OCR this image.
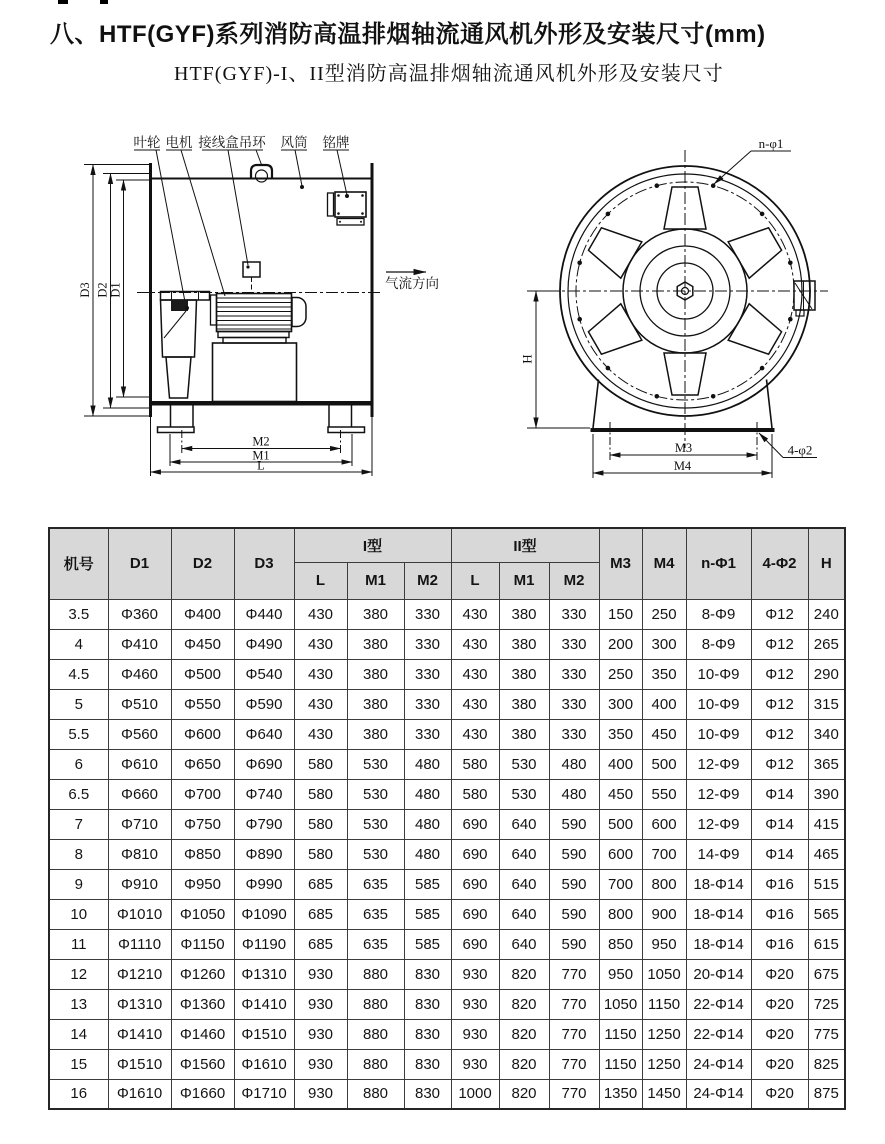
八、HTF(GYF)系列消防高温排烟轴流通风机外形及安装尺寸(mm)
HTF(GYF)-I、II型消防高温排烟轴流通风机外形及安装尺寸
叶轮 电机 接线盒吊环 风筒 铭牌
气流方向
M2
M1
L
D3 D2 D1
H
M3
M4
n-φ1
4-φ2
机号	D1	D2	D3	I型			II型			M3	M4	n-Φ1	4-Φ2	H
				L	M1	M2	L	M1	M2					
3.5	Φ360	Φ400	Φ440	430	380	330	430	380	330	150	250	8-Φ9	Φ12	240
4	Φ410	Φ450	Φ490	430	380	330	430	380	330	200	300	8-Φ9	Φ12	265
4.5	Φ460	Φ500	Φ540	430	380	330	430	380	330	250	350	10-Φ9	Φ12	290
5	Φ510	Φ550	Φ590	430	380	330	430	380	330	300	400	10-Φ9	Φ12	315
5.5	Φ560	Φ600	Φ640	430	380	330	430	380	330	350	450	10-Φ9	Φ12	340
6	Φ610	Φ650	Φ690	580	530	480	580	530	480	400	500	12-Φ9	Φ12	365
6.5	Φ660	Φ700	Φ740	580	530	480	580	530	480	450	550	12-Φ9	Φ14	390
7	Φ710	Φ750	Φ790	580	530	480	690	640	590	500	600	12-Φ9	Φ14	415
8	Φ810	Φ850	Φ890	580	530	480	690	640	590	600	700	14-Φ9	Φ14	465
9	Φ910	Φ950	Φ990	685	635	585	690	640	590	700	800	18-Φ14	Φ16	515
10	Φ1010	Φ1050	Φ1090	685	635	585	690	640	590	800	900	18-Φ14	Φ16	565
11	Φ1110	Φ1150	Φ1190	685	635	585	690	640	590	850	950	18-Φ14	Φ16	615
12	Φ1210	Φ1260	Φ1310	930	880	830	930	820	770	950	1050	20-Φ14	Φ20	675
13	Φ1310	Φ1360	Φ1410	930	880	830	930	820	770	1050	1150	22-Φ14	Φ20	725
14	Φ1410	Φ1460	Φ1510	930	880	830	930	820	770	1150	1250	22-Φ14	Φ20	775
15	Φ1510	Φ1560	Φ1610	930	880	830	930	820	770	1150	1250	24-Φ14	Φ20	825
16	Φ1610	Φ1660	Φ1710	930	880	830	1000	820	770	1350	1450	24-Φ14	Φ20	875
